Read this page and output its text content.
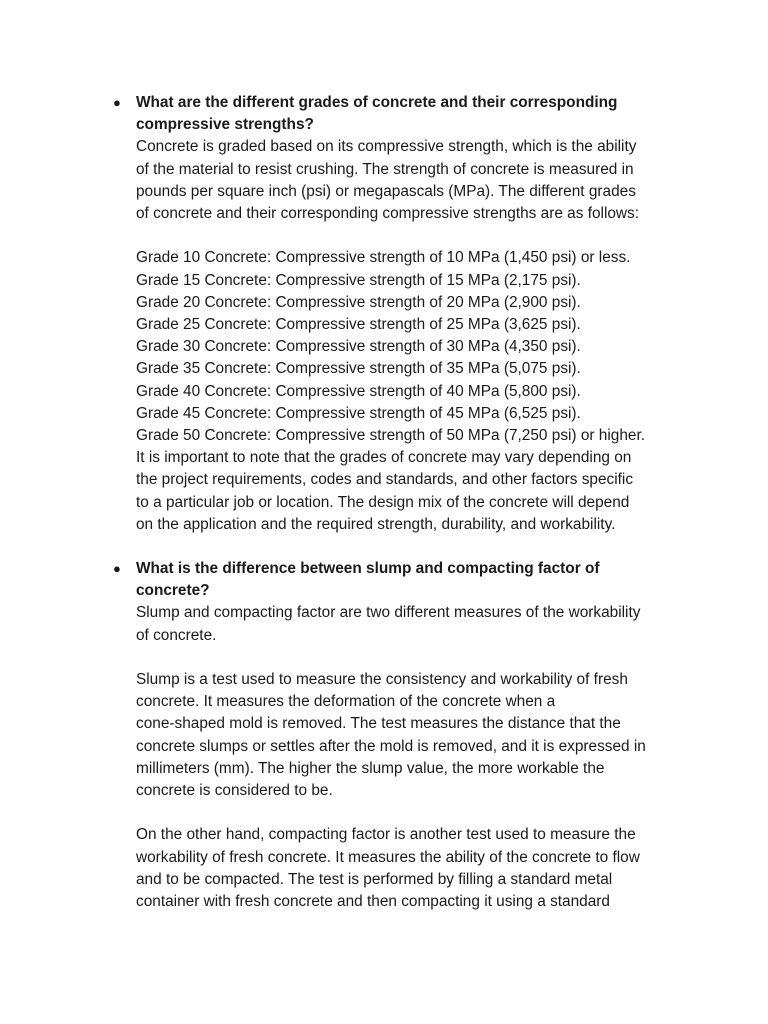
● What are the different grades of concrete and their corresponding
compressive strengths?

Concrete is graded based on its compressive strength, which is the ability
of the material to resist crushing. The strength of concrete is measured in
pounds per square inch (psi) or megapascals (MPa). The different grades
of concrete and their corresponding compressive strengths are as follows:

Grade 10 Concrete: Compressive strength of 10 MPa (1,450 psi) or less.
Grade 15 Concrete: Compressive strength of 15 MPa (2,175 psi).
Grade 20 Concrete: Compressive strength of 20 MPa (2,900 psi).
Grade 25 Concrete: Compressive strength of 25 MPa (3,625 psi).
Grade 30 Concrete: Compressive strength of 30 MPa (4,350 psi).
Grade 35 Concrete: Compressive strength of 35 MPa (5,075 psi).
Grade 40 Concrete: Compressive strength of 40 MPa (5,800 psi).
Grade 45 Concrete: Compressive strength of 45 MPa (6,525 psi).
Grade 50 Concrete: Compressive strength of 50 MPa (7,250 psi) or higher.

It is important to note that the grades of concrete may vary depending on
the project requirements, codes and standards, and other factors specific
to a particular job or location. The design mix of the concrete will depend
on the application and the required strength, durability, and workability.

● What is the difference between slump and compacting factor of
concrete?

Slump and compacting factor are two different measures of the workability
of concrete.

Slump is a test used to measure the consistency and workability of fresh
concrete. It measures the deformation of the concrete when a
cone-shaped mold is removed. The test measures the distance that the
concrete slumps or settles after the mold is removed, and it is expressed in
millimeters (mm). The higher the slump value, the more workable the
concrete is considered to be.

On the other hand, compacting factor is another test used to measure the
workability of fresh concrete. It measures the ability of the concrete to flow
and to be compacted. The test is performed by filling a standard metal
container with fresh concrete and then compacting it using a standard
